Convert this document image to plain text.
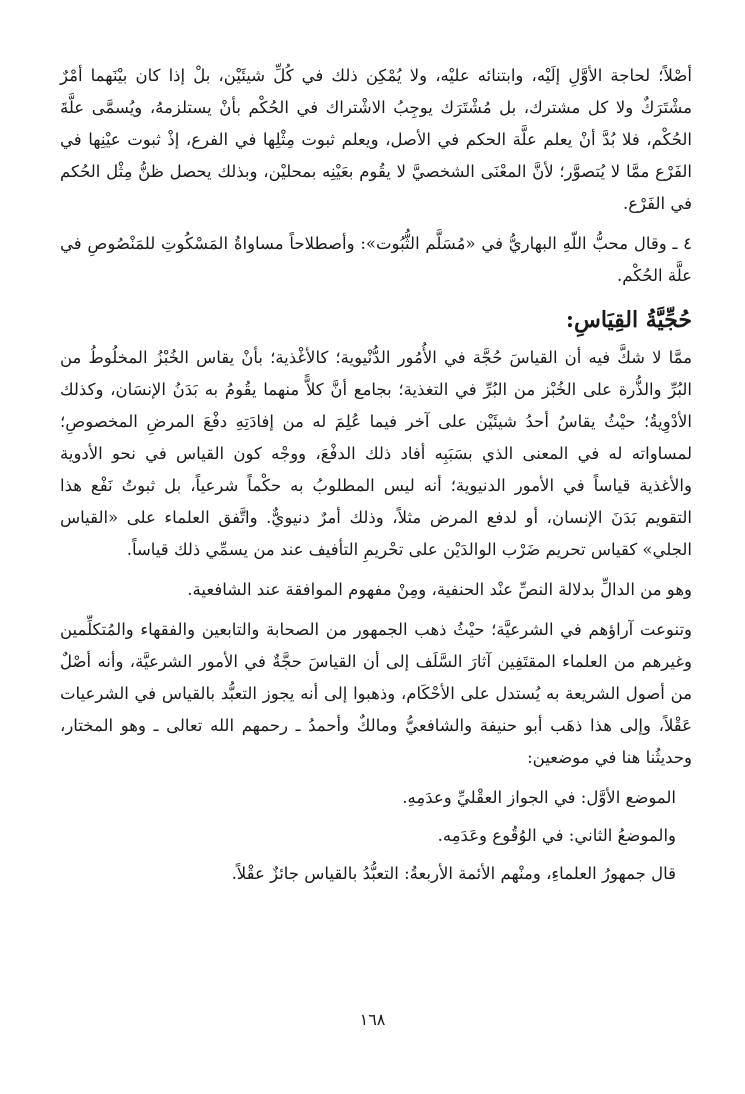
أصْلاً؛ لحاجة الأوَّلِ إلَيْه، وابتنائه عليْه، ولا يُمْكِن ذلك في كُلِّ شيئَيْن، بلْ إذا كان بيْنَهما أمْرٌ مشْتَرَكٌ ولا كل مشترك، بل مُشْتَرَك يوجِبُ الاشْتراك في الحُكْم بأنْ يستلزمهُ، ويُسمَّى علَّةَ الحُكْم، فلا بُدَّ أنْ يعلم علَّة الحكم في الأصل، ويعلم ثبوت مِثْلِها في الفرع، إذْ ثبوت عيْنِها في الفَرْع ممَّا لا يُتصوَّر؛ لأنَّ المعْنَى الشخصيَّ لا يقُوم بعَيْنِه بمحليْن، وبذلك يحصل ظنُّ مِثْل الحُكم في الفَرْع.

٤ ـ وقال محبُّ اللّهِ البهاريُّ في «مُسَلَّم الثُّبُوت»: وأصطلاحاً مساواةُ المَسْكُوتِ للمَنْصُوصِ في علَّة الحُكْم.

حُجِّيَّةُ القِيَاسِ:

ممَّا لا شكَّ فيه أن القياسَ حُجَّة في الأُمُور الدُّنْيوية؛ كالأغْذية؛ بأنْ يقاس الخُبْزُ المخلُوطُ من البُرِّ والذُّرة على الخُبْز من البُرِّ في التغذية؛ بجامع أنَّ كلاًّ منهما يقُومُ به بَدَنُ الإنسَان، وكذلك الأدْوِيةُ؛ حيْثُ يقاسُ أحدُ شيئَيْن على آخر فيما عُلِمَ له من إفادَتِهِ دفْعَ المرضِ المخصوصِ؛ لمساواته له في المعنى الذي بسَبَبِه أفاد ذلك الدفْعَ، ووجْه كون القياس في نحو الأدوية والأغذية قياساً في الأمور الدنيوية؛ أنه ليس المطلوبُ به حكْماً شرعياً، بل ثبوتُ نَفْع هذا التقويم بَدَنَ الإنسان، أو لدفع المرض مثلاً، وذلك أمرٌ دنيويٌّ. واتَّفق العلماء على «القياس الجلي» كقياس تحريم ضَرْب الوالدَيْن على تحْريمِ التأفيف عند من يسمِّي ذلك قياساً.

وهو من الدالِّ بدلالة النصِّ عنْد الحنفية، ومِنْ مفهوم الموافقة عند الشافعية.

وتنوعت آراؤهم في الشرعيَّة؛ حيْثُ ذهب الجمهور من الصحابة والتابعين والفقهاء والمُتكلِّمين وغيرهم من العلماء المقتَفِين آثارَ السَّلَف إلى أن القياسَ حجَّةٌ في الأمور الشرعيَّة، وأنه أصْلٌ من أصول الشريعة به يُستدل على الأحْكَام، وذهبوا إلى أنه يجوز التعبُّد بالقياس في الشرعيات عَقْلاً، وإلى هذا ذهَب أبو حنيفة والشافعيُّ ومالكٌ وأحمدُ ـ رحمهم الله تعالى ـ وهو المختار، وحديثُنا هنا في موضعين:

الموضع الأوَّل: في الجواز العقْليِّ وعدَمِهِ.

والموضعُ الثاني: في الوُقُوع وعَدَمِه.

قال جمهورُ العلماءِ، ومنْهم الأئمة الأربعةُ: التعبُّدُ بالقياس جائزٌ عقْلاً.

١٦٨
